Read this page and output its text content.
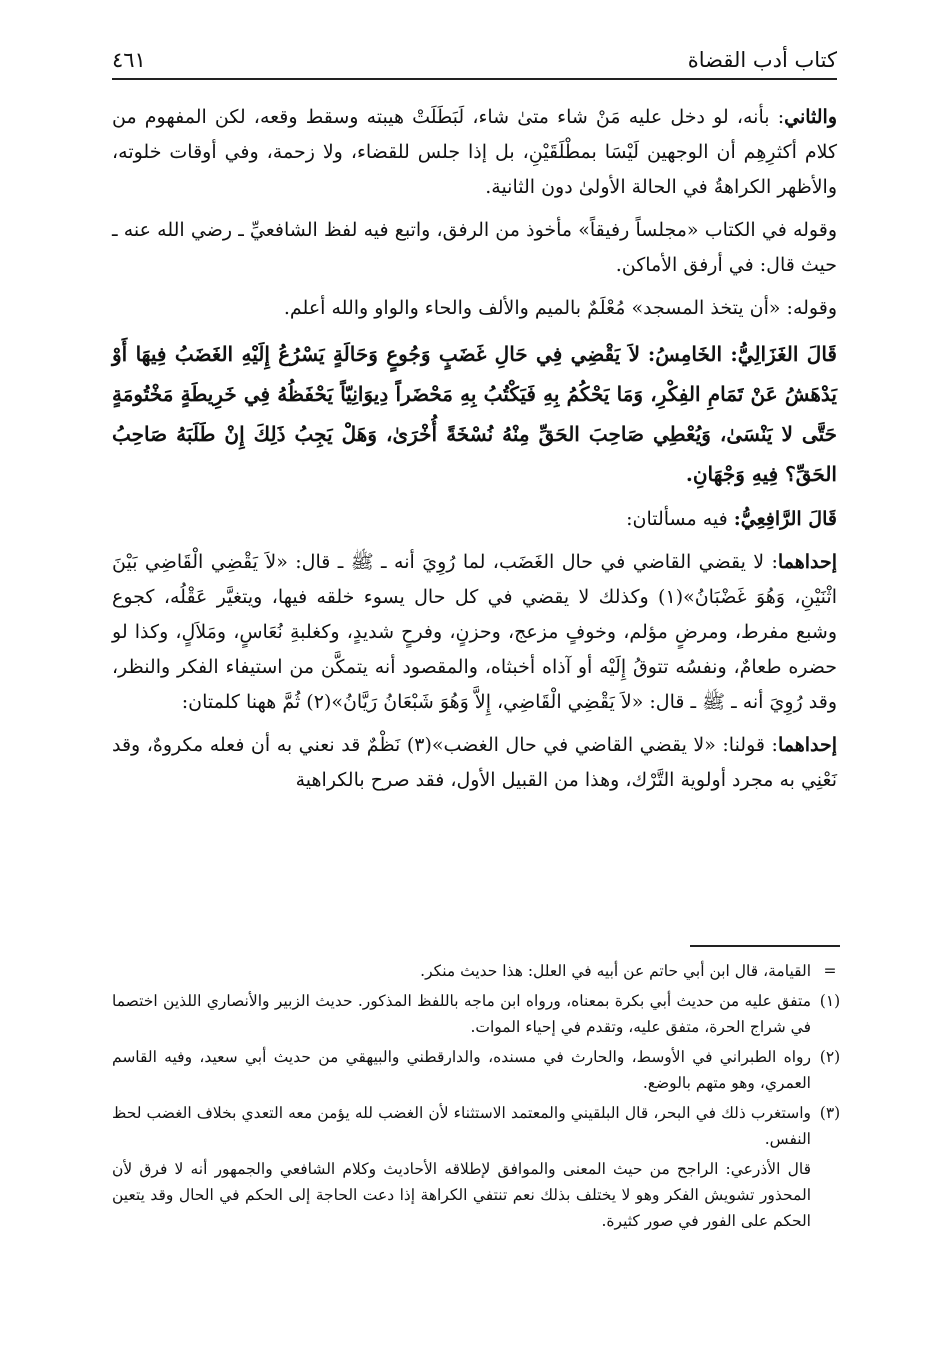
كتاب أدب القضاة
٤٦١

والثاني: بأنه، لو دخل عليه مَنْ شاء متىٰ شاء، لَبَطَلَتْ هيبته وسقط وقعه، لكن المفهوم من كلام أكثرِهِم أن الوجهين لَيْسَا بمطْلَقَيْنِ، بل إذا جلس للقضاء، ولا زحمة، وفي أوقات خلوته، والأظهر الكراهةُ في الحالة الأولىٰ دون الثانية.

وقوله في الكتاب «مجلساً رفيقاً» مأخوذ من الرفق، واتبع فيه لفظ الشافعيِّ ـ رضي الله عنه ـ حيث قال: في أرفق الأماكن.

وقوله: «أن يتخذ المسجد» مُعْلَمٌ بالميم والألف والحاء والواو والله أعلم.

قَالَ الغَزَالِيُّ: الخَامِسُ: لاَ يَقْضِي فِي حَالِ غَضَبٍ وَجُوعٍ وَحَالَةٍ يَسْرُعُ إِلَيْهِ الغَضَبُ فِيهَا أَوْ يَدْهَشُ عَنْ تَمَامِ الفِكْرِ، وَمَا يَحْكُمُ بِهِ فَيَكْتُبُ بِهِ مَحْضَراً دِيوَانِيّاً يَحْفَظُهُ فِي خَرِيطَةٍ مَخْتُومَةٍ حَتَّى لا يَنْسَىٰ، وَيُعْطِي صَاحِبَ الحَقِّ مِنْهُ نُسْخَةً أُخْرَىٰ، وَهَلْ يَجِبُ ذَلِكَ إِنْ طَلَبَهُ صَاحِبُ الحَقِّ؟ فِيهِ وَجْهَانِ.

قَالَ الرَّافِعِيُّ: فيه مسألتان:

إحداهما: لا يقضي القاضي في حال الغَضَب، لما رُوِيَ أنه ـ ﷺ ـ قال: «لاَ يَقْضِي الْقَاضِي بَيْنَ اثْنَيْنِ، وَهُوَ غَضْبَانُ»(١) وكذلك لا يقضي في كل حال يسوء خلقه فيها، ويتغيَّر عَقْلُه، كجوع وشبع مفرط، ومرضٍ مؤلم، وخوفٍ مزعج، وحزنٍ، وفرحٍ شديدٍ، وكغلبةِ نُعَاسٍ، ومَلاَلٍ، وكذا لو حضره طعامٌ، ونفسُه تتوقُ إِلَيْه أو آذاه أخبثاه، والمقصود أنه يتمكَّن من استيفاء الفكر والنظر، وقد رُوِيَ أنه ـ ﷺ ـ قال: «لاَ يَقْضِي الْقَاضِي، إِلاَّ وَهُوَ شَبْعَانُ رَيَّانُ»(٢) ثُمَّ ههنا كلمتان:

إحداهما: قولنا: «لا يقضي القاضي في حال الغضب»(٣) نَظْمٌ قد نعني به أن فعله مكروهٌ، وقد نَعْنِي به مجرد أولوية التَّرْك، وهذا من القبيل الأول، فقد صرح بالكراهية

=
القيامة، قال ابن أبي حاتم عن أبيه في العلل: هذا حديث منكر.
(١)
متفق عليه من حديث أبي بكرة بمعناه، ورواه ابن ماجه باللفظ المذكور. حديث الزبير والأنصاري اللذين اختصما في شراج الحرة، متفق عليه، وتقدم في إحياء الموات.
(٢)
رواه الطبراني في الأوسط، والحارث في مسنده، والدارقطني والبيهقي من حديث أبي سعيد، وفيه القاسم العمري، وهو متهم بالوضع.
(٣)
واستغرب ذلك في البحر، قال البلقيني والمعتمد الاستثناء لأن الغضب لله يؤمن معه التعدي بخلاف الغضب لحظ النفس.
قال الأذرعي: الراجح من حيث المعنى والموافق لإطلاقه الأحاديث وكلام الشافعي والجمهور أنه لا فرق لأن المحذور تشويش الفكر وهو لا يختلف بذلك نعم تنتفي الكراهة إذا دعت الحاجة إلى الحكم في الحال وقد يتعين الحكم على الفور في صور كثيرة.
